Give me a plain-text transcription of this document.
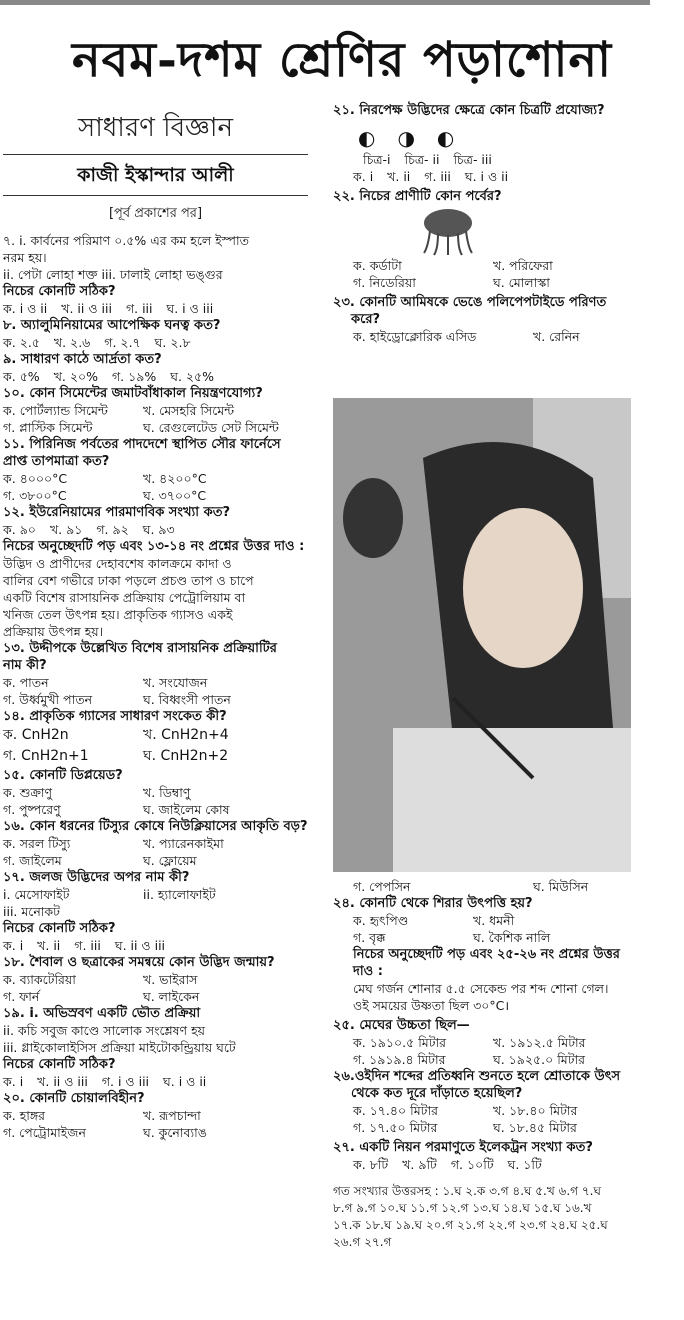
নবম-দশম শ্রেণির পড়াশোনা
সাধারণ বিজ্ঞান
কাজী ইস্কান্দার আলী
[পূর্ব প্রকাশের পর]
৭. i. কার্বনের পরিমাণ ০.৫% এর কম হলে ইস্পাত
নরম হয়।
ii. পেটা লোহা শক্ত iii. ঢালাই লোহা ভঙ্গুর
নিচের কোনটি সঠিক?
ক. i ও ii খ. ii ও iii গ. iii ঘ. i ও iii
৮. অ্যালুমিনিয়ামের আপেক্ষিক ঘনত্ব কত?
ক. ২.৫ খ. ২.৬ গ. ২.৭ ঘ. ২.৮
৯. সাধারণ কাঠে আর্দ্রতা কত?
ক. ৫% খ. ২০% গ. ১৯% ঘ. ২৫%
১০. কোন সিমেন্টের জমাটবাঁধাকাল নিয়ন্ত্রণযোগ্য?
ক. পোর্টল্যান্ড সিমেন্ট	খ. মেসহরি সিমেন্ট
গ. প্লাস্টিক সিমেন্ট	ঘ. রেগুলেটেড সেট সিমেন্ট
১১. পিরিনিজ পর্বতের পাদদেশে স্থাপিত সৌর ফার্নেসে
প্রাপ্ত তাপমাত্রা কত?
ক. ৪০০০°C	খ. ৪২০০°C
গ. ৩৮০০°C	ঘ. ৩৭০০°C
১২. ইউরেনিয়ামের পারমাণবিক সংখ্যা কত?
ক. ৯০ খ. ৯১ গ. ৯২ ঘ. ৯৩
নিচের অনুচ্ছেদটি পড় এবং ১৩-১৪ নং প্রশ্নের উত্তর দাও :
উদ্ভিদ ও প্রাণীদের দেহাবশেষ কালক্রমে কাদা ও
বালির বেশ গভীরে ঢাকা পড়লে প্রচণ্ড তাপ ও চাপে
একটি বিশেষ রাসায়নিক প্রক্রিয়ায় পেট্রোলিয়াম বা
খনিজ তেল উৎপন্ন হয়। প্রাকৃতিক গ্যাসও একই
প্রক্রিয়ায় উৎপন্ন হয়।
১৩. উদ্দীপকে উল্লেখিত বিশেষ রাসায়নিক প্রক্রিয়াটির
নাম কী?
ক. পাতন	খ. সংযোজন
গ. উর্ধ্বমুখী পাতন	ঘ. বিধ্বংসী পাতন
১৪. প্রাকৃতিক গ্যাসের সাধারণ সংকেত কী?
ক. CnH2n	খ. CnH2n+4
গ. CnH2n+1	ঘ. CnH2n+2
১৫. কোনটি ডিপ্লয়েড?
ক. শুক্রাণু	খ. ডিম্বাণু
গ. পুষ্পরেণু	ঘ. জাইলেম কোষ
১৬. কোন ধরনের টিস্যুর কোষে নিউক্লিয়াসের আকৃতি বড়?
ক. সরল টিস্যু	খ. প্যারেনকাইমা
গ. জাইলেম	ঘ. ফ্লোয়েম
১৭. জলজ উদ্ভিদের অপর নাম কী?
i. মেসোফাইট	ii. হ্যালোফাইট
iii. মনোকট
নিচের কোনটি সঠিক?
ক. i খ. ii গ. iii ঘ. ii ও iii
১৮. শৈবাল ও ছত্রাকের সমন্বয়ে কোন উদ্ভিদ জন্মায়?
ক. ব্যাকটেরিয়া	খ. ভাইরাস
গ. ফার্ন	ঘ. লাইকেন
১৯. i. অভিস্রবণ একটি ভৌত প্রক্রিয়া
ii. কচি সবুজ কাণ্ডে সালোক সংশ্লেষণ হয়
iii. গ্লাইকোলাইসিস প্রক্রিয়া মাইটোকন্ড্রিয়ায় ঘটে
নিচের কোনটি সঠিক?
ক. i খ. ii ও iii গ. i ও iii ঘ. i ও ii
২০. কোনটি চোয়ালবিহীন?
ক. হাঙ্গর	খ. রূপচান্দা
গ. পেট্রোমাইজন	ঘ. কুনোব্যাঙ
২১. নিরপেক্ষ উদ্ভিদের ক্ষেত্রে কোন চিত্রটি প্রযোজ্য?
◐ ◑ ◐
চিত্র-i চিত্র- ii চিত্র- iii
ক. i খ. ii গ. iii ঘ. i ও ii
২২. নিচের প্রাণীটি কোন পর্বের?
ক. কর্ডাটা	খ. পরিফেরা
গ. নিডেরিয়া	ঘ. মোলাস্কা
২৩. কোনটি আমিষকে ভেঙে পলিপেপটাইডে পরিণত
করে?
ক. হাইড্রোক্লোরিক এসিড	খ. রেনিন
গ. পেপসিন	ঘ. মিউসিন
২৪. কোনটি থেকে শিরার উৎপত্তি হয়?
ক. হৃৎপিণ্ড	খ. ধমনী
গ. বৃক্ক	ঘ. কৈশিক নালি
নিচের অনুচ্ছেদটি পড় এবং ২৫-২৬ নং প্রশ্নের উত্তর দাও :
মেঘ গর্জন শোনার ৫.৫ সেকেন্ড পর শব্দ শোনা গেল।
ওই সময়ের উষ্ণতা ছিল ৩০°C।
২৫. মেঘের উচ্চতা ছিল—
ক. ১৯১০.৫ মিটার	খ. ১৯১২.৫ মিটার
গ. ১৯১৯.৪ মিটার	ঘ. ১৯২৫.০ মিটার
২৬.ওইদিন শব্দের প্রতিধ্বনি শুনতে হলে শ্রোতাকে উৎস
থেকে কত দূরে দাঁড়াতে হয়েছিল?
ক. ১৭.৪০ মিটার	খ. ১৮.৪০ মিটার
গ. ১৭.৫০ মিটার	ঘ. ১৮.৪৫ মিটার
২৭. একটি নিয়ন পরমাণুতে ইলেকট্রন সংখ্যা কত?
ক. ৮টি খ. ৯টি গ. ১০টি ঘ. ১টি
গত সংখ্যার উত্তরসহ : ১.ঘ ২.ক ৩.গ ৪.ঘ ৫.খ ৬.গ ৭.ঘ
৮.গ ৯.গ ১০.ঘ ১১.গ ১২.গ ১৩.ঘ ১৪.ঘ ১৫.ঘ ১৬.খ
১৭.ক ১৮.ঘ ১৯.ঘ ২০.গ ২১.গ ২২.গ ২৩.গ ২৪.ঘ ২৫.ঘ
২৬.গ ২৭.গ
